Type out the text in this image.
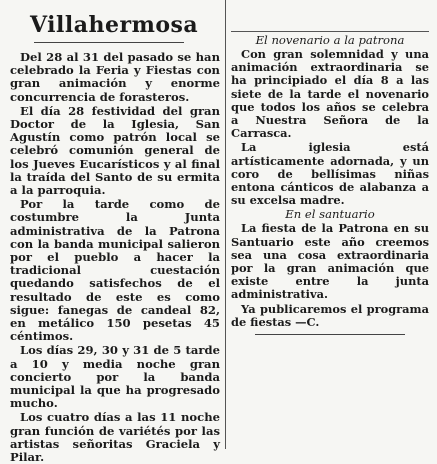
Villahermosa

Del 28 al 31 del pasado se han celebrado la Feria y Fiestas con gran animación y enorme concurrencia de forasteros.

El día 28 festividad del gran Doctor de la Iglesia, San Agustín como patrón local se celebró comunión general de los Jueves Eucarísticos y al final la traída del Santo de su ermita a la parroquia.

Por la tarde como de costumbre la Junta administrativa de la Patrona con la banda municipal salieron por el pueblo a hacer la tradicional cuestación quedando satisfechos de el resultado de este es como sigue: fanegas de candeal 82, en metálico 150 pesetas 45 céntimos.

Los días 29, 30 y 31 de 5 tarde a 10 y media noche gran concierto por la banda municipal la que ha progresado mucho.

Los cuatro días a las 11 noche gran función de variétés por las artistas señoritas Graciela y Pilar.

El novenario a la patrona

Con gran solemnidad y una animación extraordinaria se ha principiado el día 8 a las siete de la tarde el novenario que todos los años se celebra a Nuestra Señora de la Carrasca.

La iglesia está artísticamente adornada, y un coro de bellísimas niñas entona cánticos de alabanza a su excelsa madre.

En el santuario

La fiesta de la Patrona en su Santuario este año creemos sea una cosa extraordinaria por la gran animación que existe entre la junta administrativa.

Ya publicaremos el programa de fiestas —C.
